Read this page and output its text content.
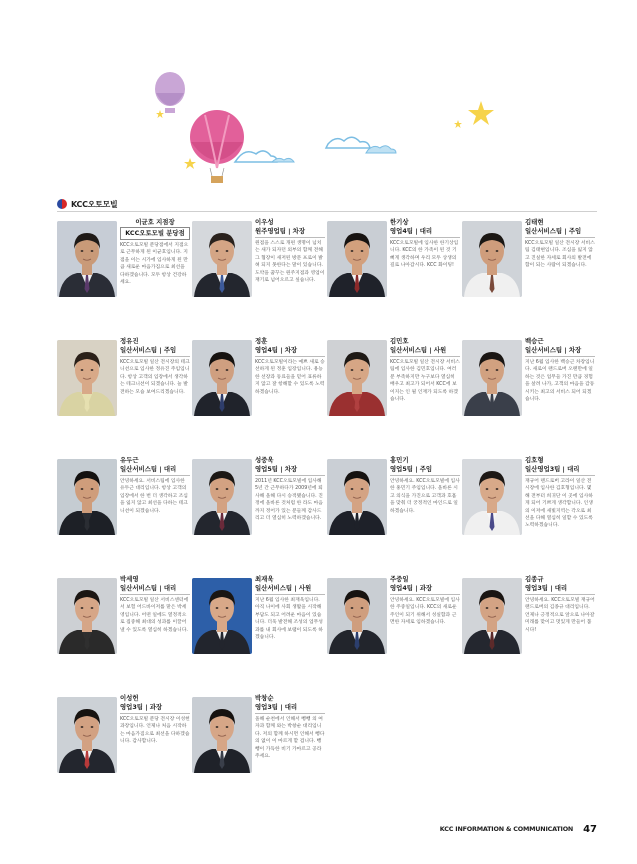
KCC오토모빌
이균호 지점장
KCC오토모빌 분당점
KCC오토모빌 분당점에서 지점으로 근무하게 된 이균호입니다. 지점을 이는 시가에 입사하게 된 만큼 새로운 마음가짐으로 최선을 다하겠습니다. 모두 항상 건강하세요.
이우성
원주영업팀 | 차장
원점을 스스로 개편 생명이 넘치는 새가 되자던 외부의 함께 전해 그 협장이 새저된 방문 프로이 밝혀 되지 못한다는 말이 있습니다. 도약을 꿈꾸는 원주지점과 영업이 재기로 넘어오르고 싶습니다.
한기상
영업4팀 | 대리
KCC오토모빌에 입사한 한기상입니다. KCC의 한 가족이 된 것 기뻐게 생각하며 우리 모두 상생의 길로 나아갑시다. KCC 화이팅!
김태현
일산서비스팀 | 주임
KCC오토모빌 일산 전시장 서비스팀 김태현입니다. 조심을 잃지 않고 진실한 자세로 회사의 발전에 함이 되는 사람이 되겠습니다.
정유진
일산서비스팀 | 주임
KCC오토모빌 일산 전시장의 테크니션으로 입사한 정유진 주임입니다. 항상 고객의 입장에서 생각하는 테크니션이 되겠습니다. 늘 발전하는 모습 보여드리겠습니다.
정훈
영업4팀 | 차장
KCC오토모빌이라는 예쁘 새로 승선하게 된 정훈 입장입니다. 용능한 선장과 동료들을 믿어 표류하지 않고 잘 항해할 수 있도록 노력하겠습니다.
김민호
일산서비스팀 | 사원
KCC오토모빌 일산 전시장 서비스팀에 입사한 김민호입니다. 여러분 부족하지만 누구보다 열심히 배우고 최고가 되어서 KCC에 보이지는 인 될 인재가 되도록 하겠습니다.
백승근
일산서비스팀 | 차장
지난 6월 입사한 백승근 차장입니다. 새로이 랜드로버 오랜만에 일하는 것은 업무들 가진 만큼 경험을 살려 나가, 고객의 마음을 감동시키는 최고의 서비스 되어 되겠습니다.
유두근
일산서비스팀 | 대리
안녕하세요. 서비스팀에 입사한 유두근 대리입니다. 항상 고객의 입장에서 한 번 더 생각하고 조심을 잃지 않고 최선을 다하는 테크니션이 되겠습니다.
성중욱
영업5팀 | 차장
2011년 KCC오토모빌에 입사해 5년 간 근무하다가 2009년에 퇴사해 올해 다시 승적됐습니다. 진정에 올바른 것처럼 한 라도 마음까지 정어가 있는 분들께 감사드리고 더 열심히 노력하겠습니다.
홍민기
영업5팀 | 주임
안녕하세요. KCC오토모빌에 입사한 홍민기 주임입니다. 올바른 시고 의식을 가진으로 고객과 호흡을 맞춰 더 궁정적인 마인드로 일하겠습니다.
김호형
일산영업3팀 | 대리
재규어 랜드로버 고라이 일산 전시장에 입사한 김호형입니다. 몇 해 전부터 희귀단 이 곳에 입사하게 되어 기쁘게 생각합니다. 인생의 이저에 새빛지역는 각오로 최선을 다해 열심히 일할 수 있도록 노력하겠습니다.
박세영
일산서비스팀 | 대리
KCC오토모빌 일산 서비스센터에서 보험 어드바이저를 맡은 박세영입니다. 어떤 일에도 열정적으로 집중해 최대의 성과를 이끌어 낼 수 있도록 열심히 하겠습니다.
최재욱
일산서비스팀 | 사원
지난 6월 입사한 최재욱입니다. 아직 나이에 사회 생활을 시작해 부담도 되고 어려운 마음이 있습니다. 더욱 발전해 조성의 업무성과를 내 회사에 보탬이 되도록 하겠습니다.
주중일
영업4팀 | 과장
안녕하세요. KCC오토모빌에 입사한 주중일입니다. KCC의 새로운 주인이 되기 위해서 성실함과 근면한 자세로 임하겠습니다.
김종규
영업3팀 | 대리
안녕하세요. KCC오토모빌 재규어 랜드로버의 김종규 대리입니다. 언제나 긍정적으로 앞으로 나아갈 미래를 맞이고 멋있게 만들어 봅시다!
이성헌
영업3팀 | 과장
KCC오토모빌 분당 전시장 이성헌 과장입니다. 언제나 처음 시작하는 마음가짐으로 최선을 다하겠습니다. 감사합니다.
박창순
영업3팀 | 대리
올해 순천에서 인해서 뺑뺑 의 여자과 함께 와는 박창순 대리입니다. 저의 함께 하시면 인해서 뺑다의 없이 이 마르게 할 겁니다. 뺑뺑이 가득한 비기 가마르고 공라주세요.
KCC INFORMATION & COMMUNICATION 47
